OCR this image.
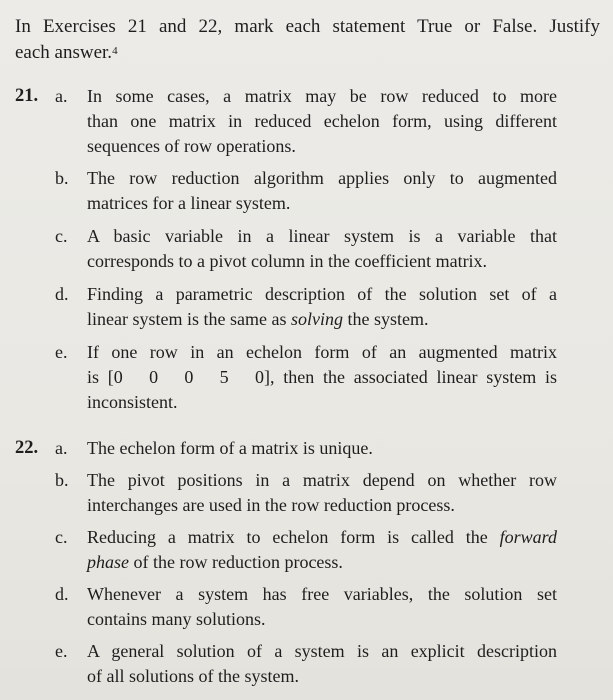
In Exercises 21 and 22, mark each statement True or False. Justify
each answer.$^4$
21. a. In some cases, a matrix may be row reduced to more
than one matrix in reduced echelon form, using different
sequences of row operations.
b. The row reduction algorithm applies only to augmented
matrices for a linear system.
c. A basic variable in a linear system is a variable that
corresponds to a pivot column in the coefficient matrix.
d. Finding a parametric description of the solution set of a
linear system is the same as solving the system.
e. If one row in an echelon form of an augmented matrix
is [0   0   0   5   0], then the associated linear system is
inconsistent.
22. a. The echelon form of a matrix is unique.
b. The pivot positions in a matrix depend on whether row
interchanges are used in the row reduction process.
c. Reducing a matrix to echelon form is called the forward
phase of the row reduction process.
d. Whenever a system has free variables, the solution set
contains many solutions.
e. A general solution of a system is an explicit description
of all solutions of the system.
